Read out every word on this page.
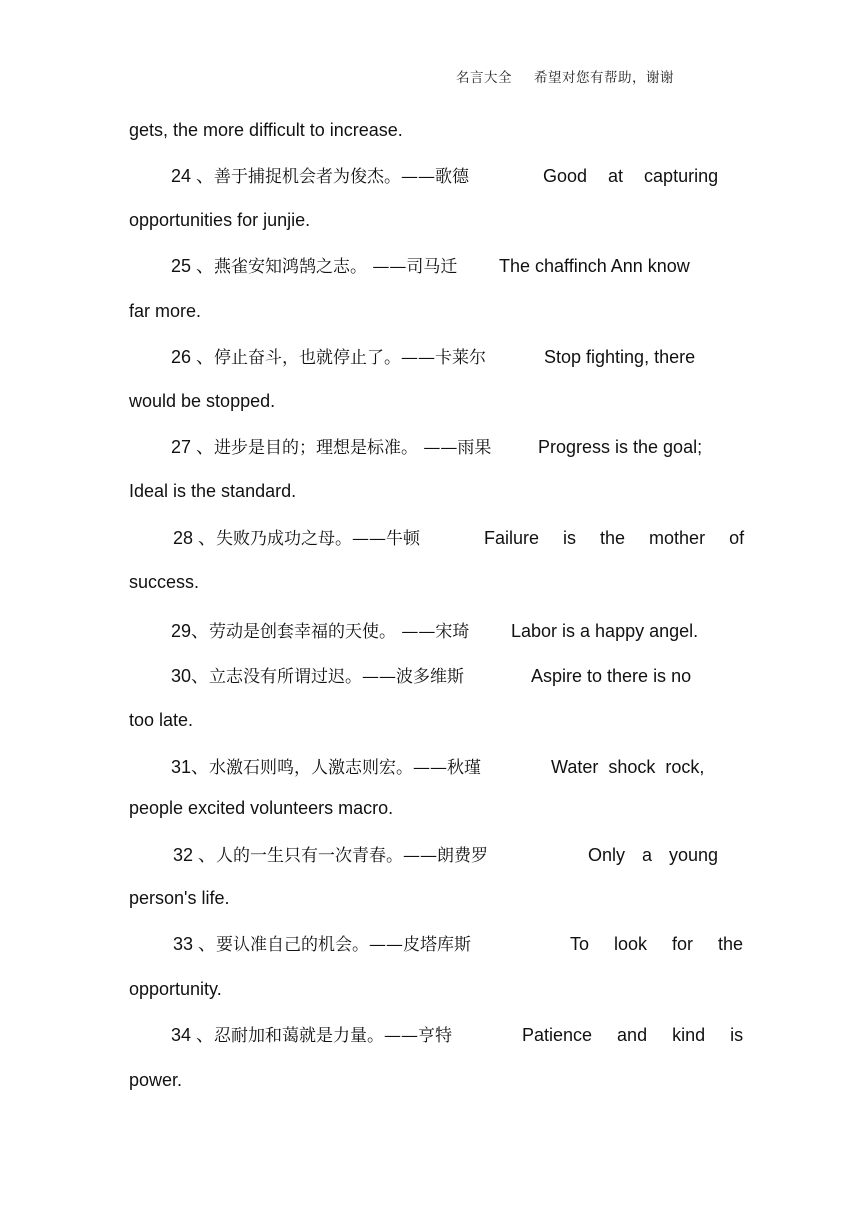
名言大全 希望对您有帮助，谢谢
gets, the more difficult to increase.
24 、善于捕捉机会者为俊杰。——歌德	Good at capturing
opportunities for junjie.
25 、燕雀安知鸿鹄之志。 ——司马迁 The chaffinch Ann know
far more.
26 、停止奋斗，也就停止了。——卡莱尔	Stop fighting, there
would be stopped.
27 、进步是目的；理想是标准。 ——雨果	Progress is the goal;
Ideal is the standard.
28 、失败乃成功之母。——牛顿	Failure is the mother of
success.
29、劳动是创套幸福的天使。 ——宋琦 Labor is a happy angel.
30、立志没有所谓过迟。——波多维斯	Aspire to there is no
too late.
31、水激石则鸣，人激志则宏。——秋瑾	Water shock rock,
people excited volunteers macro.
32 、人的一生只有一次青春。——朗费罗	Only a young
person's life.
33 、要认准自己的机会。——皮塔库斯	To look for the
opportunity.
34 、忍耐加和蔼就是力量。——亨特	Patience and kind is
power.
